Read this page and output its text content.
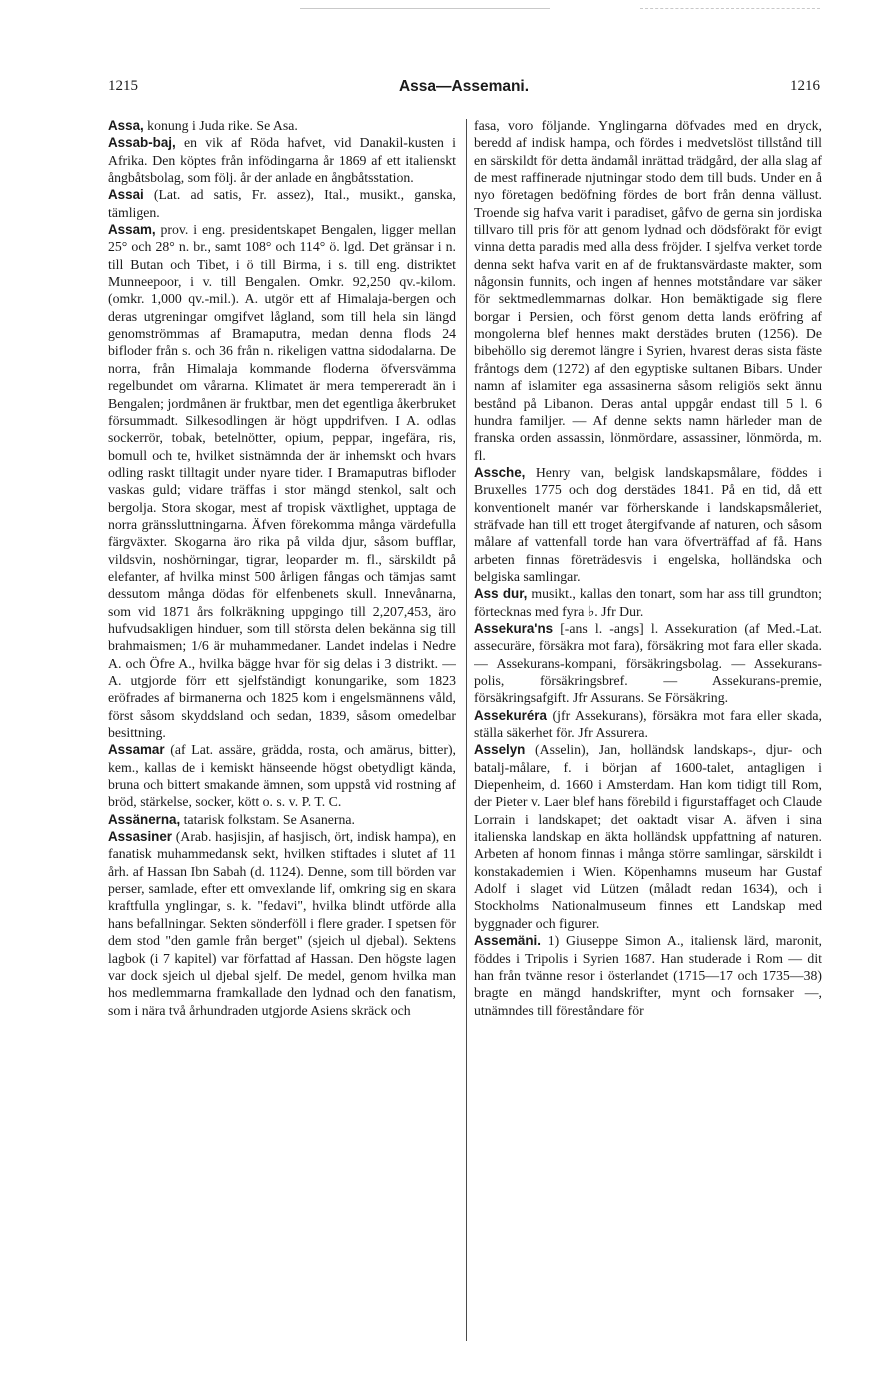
1215	Assa—Assemani.	1216

Assa, konung i Juda rike. Se Asa.

Assab-baj, en vik af Röda hafvet, vid Danakil-kusten i Afrika. Den köptes från infödingarna år 1869 af ett italienskt ångbåtsbolag, som följ. år der anlade en ångbåtsstation.

Assai (Lat. ad satis, Fr. assez), Ital., musikt., ganska, tämligen.

Assam, prov. i eng. presidentskapet Bengalen, ligger mellan 25° och 28° n. br., samt 108° och 114° ö. lgd. Det gränsar i n. till Butan och Tibet, i ö till Birma, i s. till eng. distriktet Munneepoor, i v. till Bengalen. Omkr. 92,250 qv.-kilom. (omkr. 1,000 qv.-mil.). A. utgör ett af Himalaja-bergen och deras utgreningar omgifvet lågland, som till hela sin längd genomströmmas af Bramaputra, medan denna flods 24 bifloder från s. och 36 från n. rikeligen vattna sidodalarna. De norra, från Himalaja kommande floderna öfversvämma regelbundet om vårarna. Klimatet är mera tempereradt än i Bengalen; jordmånen är fruktbar, men det egentliga åkerbruket försummadt. Silkesodlingen är högt uppdrifven. I A. odlas sockerrör, tobak, betelnötter, opium, peppar, ingefära, ris, bomull och te, hvilket sistnämnda der är inhemskt och hvars odling raskt tilltagit under nyare tider. I Bramaputras bifloder vaskas guld; vidare träffas i stor mängd stenkol, salt och bergolja. Stora skogar, mest af tropisk växtlighet, upptaga de norra gränssluttningarna. Äfven förekomma många värdefulla färgväxter. Skogarna äro rika på vilda djur, såsom bufflar, vildsvin, noshörningar, tigrar, leoparder m. fl., särskildt på elefanter, af hvilka minst 500 årligen fångas och tämjas samt dessutom många dödas för elfenbenets skull. Innevånarna, som vid 1871 års folkräkning uppgingo till 2,207,453, äro hufvudsakligen hinduer, som till största delen bekänna sig till brahmaismen; 1/6 är muhammedaner. Landet indelas i Nedre A. och Öfre A., hvilka bägge hvar för sig delas i 3 distrikt. — A. utgjorde förr ett sjelfständigt konungarike, som 1823 eröfrades af birmanerna och 1825 kom i engelsmännens våld, först såsom skyddsland och sedan, 1839, såsom omedelbar besittning.

Assamar (af Lat. assäre, grädda, rosta, och amärus, bitter), kem., kallas de i kemiskt hänseende högst obetydligt kända, bruna och bittert smakande ämnen, som uppstå vid rostning af bröd, stärkelse, socker, kött o. s. v. P. T. C.

Assänerna, tatarisk folkstam. Se Asanerna.

Assasiner (Arab. hasjisjin, af hasjisch, ört, indisk hampa), en fanatisk muhammedansk sekt, hvilken stiftades i slutet af 11 årh. af Hassan Ibn Sabah (d. 1124). Denne, som till börden var perser, samlade, efter ett omvexlande lif, omkring sig en skara kraftfulla ynglingar, s. k. "fedavi", hvilka blindt utförde alla hans befallningar. Sekten sönderföll i flere grader. I spetsen för dem stod "den gamle från berget" (sjeich ul djebal). Sektens lagbok (i 7 kapitel) var författad af Hassan. Den högste lagen var dock sjeich ul djebal sjelf. De medel, genom hvilka man hos medlemmarna framkallade den lydnad och den fanatism, som i nära två århundraden utgjorde Asiens skräck och

fasa, voro följande. Ynglingarna döfvades med en dryck, beredd af indisk hampa, och fördes i medvetslöst tillstånd till en särskildt för detta ändamål inrättad trädgård, der alla slag af de mest raffinerade njutningar stodo dem till buds. Under en å nyo företagen bedöfning fördes de bort från denna vällust. Troende sig hafva varit i paradiset, gåfvo de gerna sin jordiska tillvaro till pris för att genom lydnad och dödsförakt för evigt vinna detta paradis med alla dess fröjder. I sjelfva verket torde denna sekt hafva varit en af de fruktansvärdaste makter, som någonsin funnits, och ingen af hennes motståndare var säker för sektmedlemmarnas dolkar. Hon bemäktigade sig flere borgar i Persien, och först genom detta lands eröfring af mongolerna blef hennes makt derstädes bruten (1256). De bibehöllo sig deremot längre i Syrien, hvarest deras sista fäste fråntogs dem (1272) af den egyptiske sultanen Bibars. Under namn af islamiter ega assasinerna såsom religiös sekt ännu bestånd på Libanon. Deras antal uppgår endast till 5 l. 6 hundra familjer. — Af denne sekts namn härleder man de franska orden assassin, lönmördare, assassiner, lönmörda, m. fl.

Assche, Henry van, belgisk landskapsmålare, föddes i Bruxelles 1775 och dog derstädes 1841. På en tid, då ett konventionelt manér var förherskande i landskapsmåleriet, sträfvade han till ett troget återgifvande af naturen, och såsom målare af vattenfall torde han vara öfverträffad af få. Hans arbeten finnas företrädesvis i engelska, holländska och belgiska samlingar.

Ass dur, musikt., kallas den tonart, som har ass till grundton; förtecknas med fyra ♭. Jfr Dur.

Assekura'ns [-ans l. -angs] l. Assekuration (af Med.-Lat. assecuräre, försäkra mot fara), försäkring mot fara eller skada. — Assekurans-kompani, försäkringsbolag. — Assekurans-polis, försäkringsbref. — Assekurans-premie, försäkringsafgift. Jfr Assurans. Se Försäkring.

Assekuréra (jfr Assekurans), försäkra mot fara eller skada, ställa säkerhet för. Jfr Assurera.

Asselyn (Asselin), Jan, holländsk landskaps-, djur- och batalj-målare, f. i början af 1600-talet, antagligen i Diepenheim, d. 1660 i Amsterdam. Han kom tidigt till Rom, der Pieter v. Laer blef hans förebild i figurstaffaget och Claude Lorrain i landskapet; det oaktadt visar A. äfven i sina italienska landskap en äkta holländsk uppfattning af naturen. Arbeten af honom finnas i många större samlingar, särskildt i konstakademien i Wien. Köpenhamns museum har Gustaf Adolf i slaget vid Lützen (måladt redan 1634), och i Stockholms Nationalmuseum finnes ett Landskap med byggnader och figurer.

Assemäni. 1) Giuseppe Simon A., italiensk lärd, maronit, föddes i Tripolis i Syrien 1687. Han studerade i Rom — dit han från tvänne resor i österlandet (1715—17 och 1735—38) bragte en mängd handskrifter, mynt och fornsaker —, utnämndes till föreståndare för
